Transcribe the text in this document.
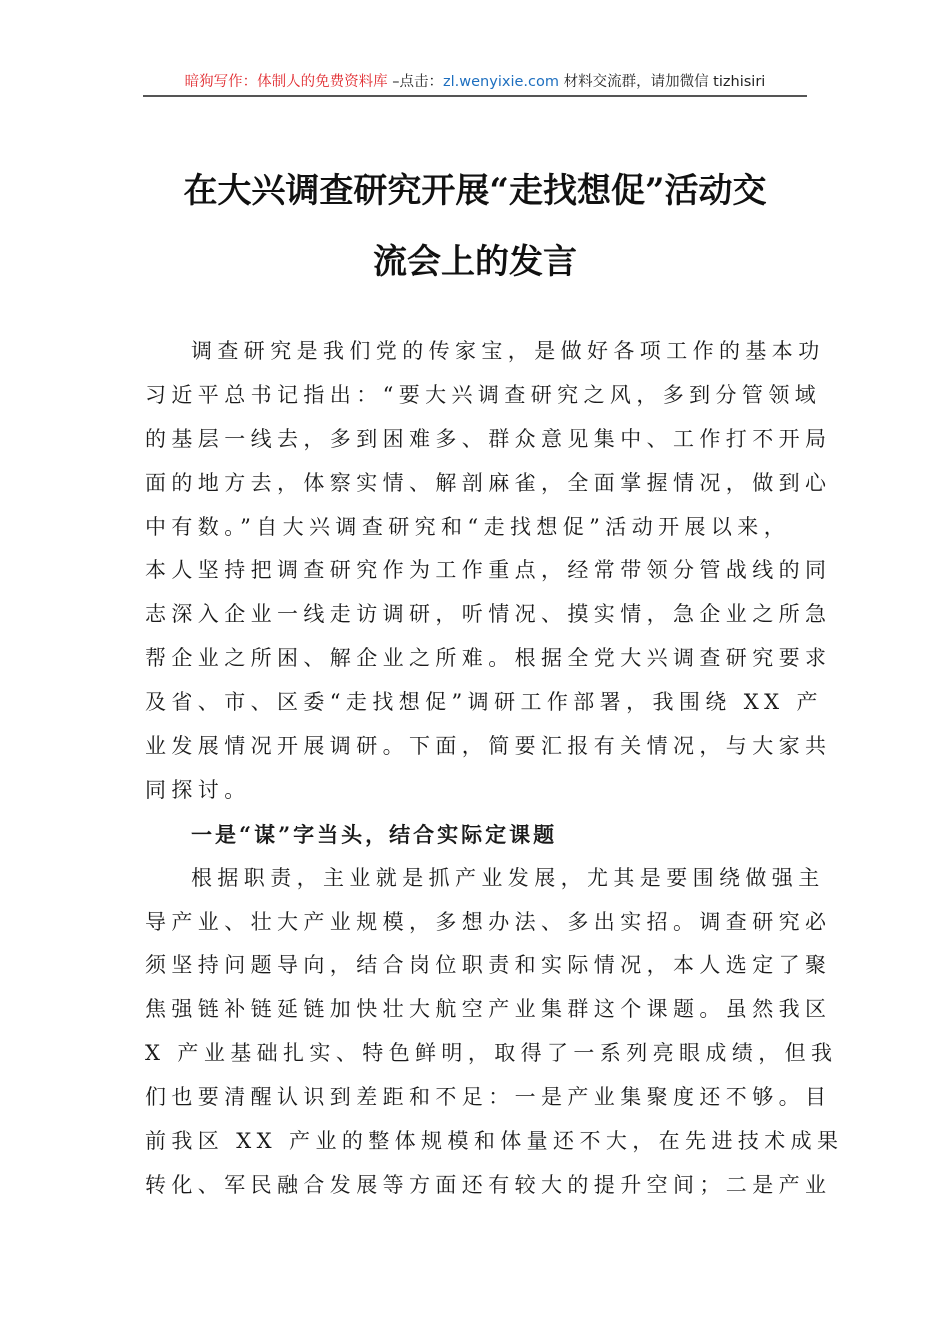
暗狗写作：体制人的免费资料库 –点击：zl.wenyixie.com 材料交流群，请加微信 tizhisiri
在大兴调查研究开展“走找想促”活动交
流会上的发言
调查研究是我们党的传家宝，是做好各项工作的基本功
习近平总书记指出：“要大兴调查研究之风，多到分管领域
的基层一线去，多到困难多、群众意见集中、工作打不开局
面的地方去，体察实情、解剖麻雀，全面掌握情况，做到心
中有数。”自大兴调查研究和“走找想促”活动开展以来，
本人坚持把调查研究作为工作重点，经常带领分管战线的同
志深入企业一线走访调研，听情况、摸实情，急企业之所急
帮企业之所困、解企业之所难。根据全党大兴调查研究要求
及省、市、区委“走找想促”调研工作部署，我围绕 XX 产
业发展情况开展调研。下面，简要汇报有关情况，与大家共
同探讨。
一是“谋”字当头，结合实际定课题
根据职责，主业就是抓产业发展，尤其是要围绕做强主
导产业、壮大产业规模，多想办法、多出实招。调查研究必
须坚持问题导向，结合岗位职责和实际情况，本人选定了聚
焦强链补链延链加快壮大航空产业集群这个课题。虽然我区
X 产业基础扎实、特色鲜明，取得了一系列亮眼成绩，但我
们也要清醒认识到差距和不足：一是产业集聚度还不够。目
前我区 XX 产业的整体规模和体量还不大，在先进技术成果
转化、军民融合发展等方面还有较大的提升空间；二是产业
